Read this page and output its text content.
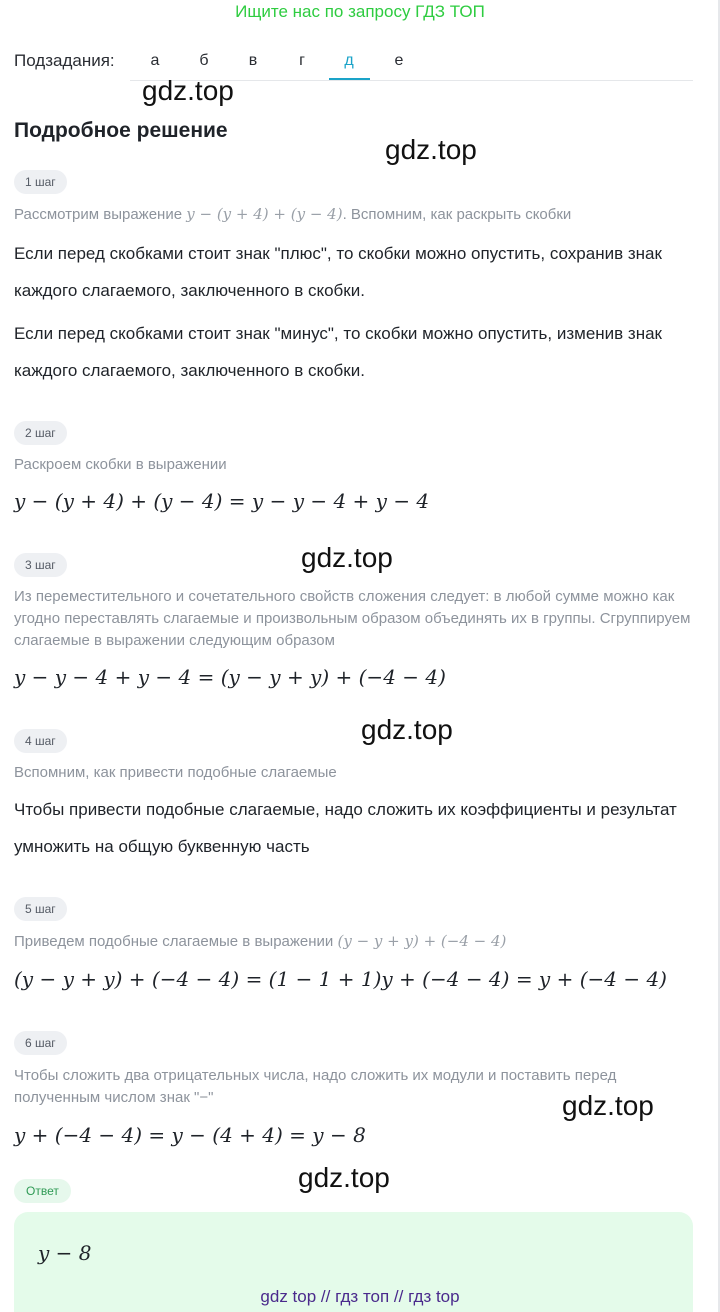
Ищите нас по запросу ГДЗ ТОП
Подзадания:	а	б	в	г	д	е
gdz.top
gdz.top
gdz.top
gdz.top
gdz.top
gdz.top
Подробное решение
1 шаг
Рассмотрим выражение y − (y + 4) + (y − 4). Вспомним, как раскрыть скобки
Если перед скобками стоит знак "плюс", то скобки можно опустить, сохранив знак каждого слагаемого, заключенного в скобки.
Если перед скобками стоит знак "минус", то скобки можно опустить, изменив знак каждого слагаемого, заключенного в скобки.
2 шаг
Раскроем скобки в выражении
y − (y + 4) + (y − 4) = y − y − 4 + y − 4
3 шаг
Из переместительного и сочетательного свойств сложения следует: в любой сумме можно как угодно переставлять слагаемые и произвольным образом объединять их в группы. Сгруппируем слагаемые в выражении следующим образом
y − y − 4 + y − 4 = (y − y + y) + (−4 − 4)
4 шаг
Вспомним, как привести подобные слагаемые
Чтобы привести подобные слагаемые, надо сложить их коэффициенты и результат умножить на общую буквенную часть
5 шаг
Приведем подобные слагаемые в выражении (y − y + y) + (−4 − 4)
(y − y + y) + (−4 − 4) = (1 − 1 + 1)y + (−4 − 4) = y + (−4 − 4)
6 шаг
Чтобы сложить два отрицательных числа, надо сложить их модули и поставить перед полученным числом знак "−"
y + (−4 − 4) = y − (4 + 4) = y − 8
Ответ
y − 8
gdz top // гдз топ // гдз top
